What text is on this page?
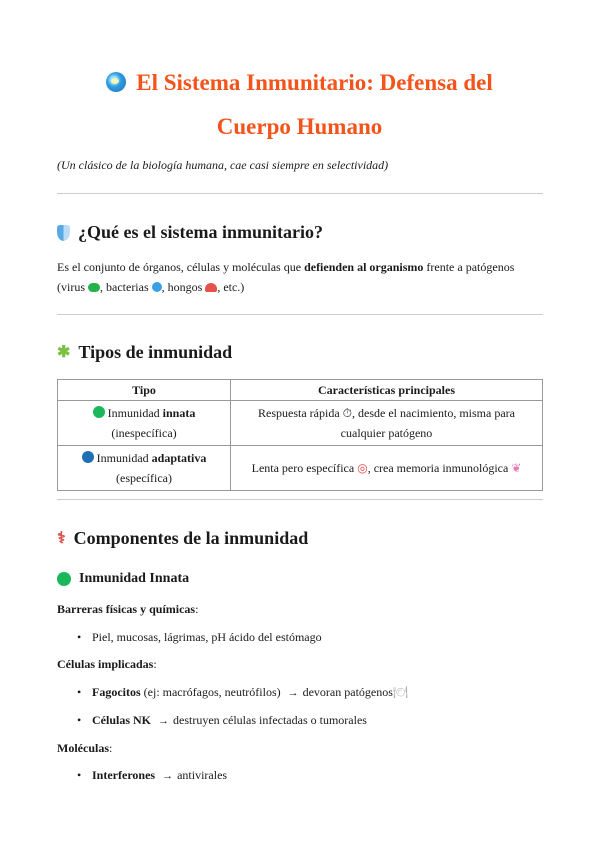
El Sistema Inmunitario: Defensa del
Cuerpo Humano
(Un clásico de la biología humana, cae casi siempre en selectividad)
¿Qué es el sistema inmunitario?
Es el conjunto de órganos, células y moléculas que defienden al organismo frente a patógenos
(virus , bacterias , hongos , etc.)
✱ Tipos de inmunidad
Tipo	Características principales
Inmunidad innata
(inespecífica)	Respuesta rápida ⏱, desde el nacimiento, misma para
cualquier patógeno
Inmunidad adaptativa
(específica)	Lenta pero específica ◎, crea memoria inmunológica ❦
⚕ Componentes de la inmunidad
Inmunidad Innata
Barreras físicas y químicas:
• Piel, mucosas, lágrimas, pH ácido del estómago
Células implicadas:
• Fagocitos (ej: macrófagos, neutrófilos) → devoran patógenos 🍽
• Células NK
→ destruyen células infectadas o tumorales
Moléculas:
• Interferones
→ antivirales
